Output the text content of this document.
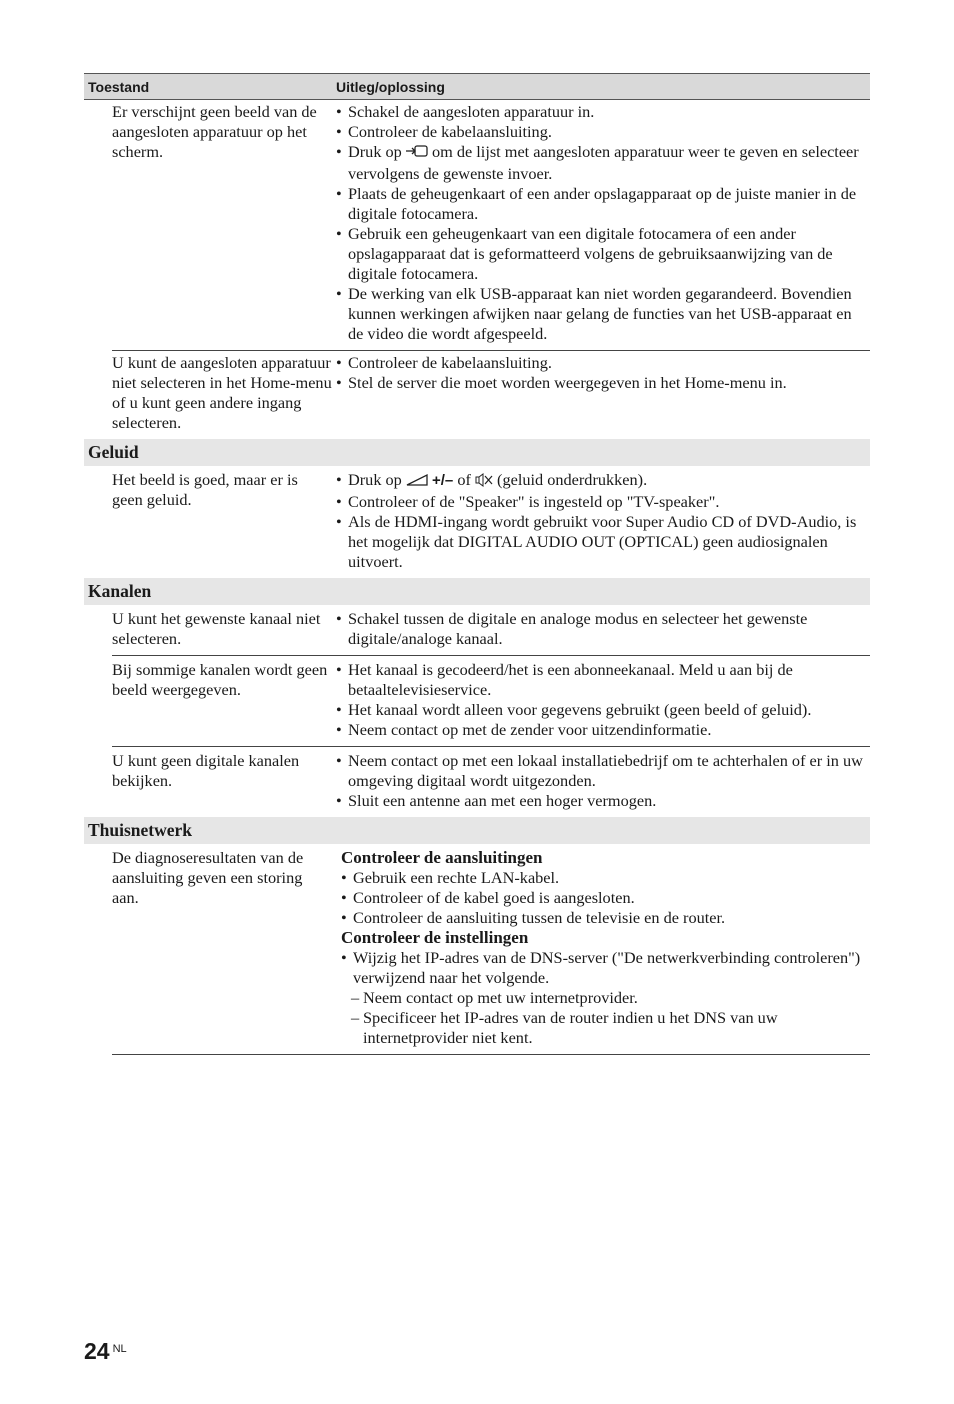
Toestand	Uitleg/oplossing
Er verschijnt geen beeld van de aangesloten apparatuur op het scherm.
• Schakel de aangesloten apparatuur in.
• Controleer de kabelaansluiting.
• Druk op om de lijst met aangesloten apparatuur weer te geven en selecteer vervolgens de gewenste invoer.
• Plaats de geheugenkaart of een ander opslagapparaat op de juiste manier in de digitale fotocamera.
• Gebruik een geheugenkaart van een digitale fotocamera of een ander opslagapparaat dat is geformatteerd volgens de gebruiksaanwijzing van de digitale fotocamera.
• De werking van elk USB-apparaat kan niet worden gegarandeerd. Bovendien kunnen werkingen afwijken naar gelang de functies van het USB-apparaat en de video die wordt afgespeeld.
U kunt de aangesloten apparatuur niet selecteren in het Home-menu of u kunt geen andere ingang selecteren.
• Controleer de kabelaansluiting.
• Stel de server die moet worden weergegeven in het Home-menu in.
Geluid
Het beeld is goed, maar er is geen geluid.
• Druk op +/– of (geluid onderdrukken).
• Controleer of de "Speaker" is ingesteld op "TV-speaker".
• Als de HDMI-ingang wordt gebruikt voor Super Audio CD of DVD-Audio, is het mogelijk dat DIGITAL AUDIO OUT (OPTICAL) geen audiosignalen uitvoert.
Kanalen
U kunt het gewenste kanaal niet selecteren.
• Schakel tussen de digitale en analoge modus en selecteer het gewenste digitale/analoge kanaal.
Bij sommige kanalen wordt geen beeld weergegeven.
• Het kanaal is gecodeerd/het is een abonneekanaal. Meld u aan bij de betaaltelevisieservice.
• Het kanaal wordt alleen voor gegevens gebruikt (geen beeld of geluid).
• Neem contact op met de zender voor uitzendinformatie.
U kunt geen digitale kanalen bekijken.
• Neem contact op met een lokaal installatiebedrijf om te achterhalen of er in uw omgeving digitaal wordt uitgezonden.
• Sluit een antenne aan met een hoger vermogen.
Thuisnetwerk
De diagnoseresultaten van de aansluiting geven een storing aan.
Controleer de aansluitingen
• Gebruik een rechte LAN-kabel.
• Controleer of de kabel goed is aangesloten.
• Controleer de aansluiting tussen de televisie en de router.
Controleer de instellingen
• Wijzig het IP-adres van de DNS-server ("De netwerkverbinding controleren") verwijzend naar het volgende.
– Neem contact op met uw internetprovider.
– Specificeer het IP-adres van de router indien u het DNS van uw internetprovider niet kent.
24 $^{NL}$
